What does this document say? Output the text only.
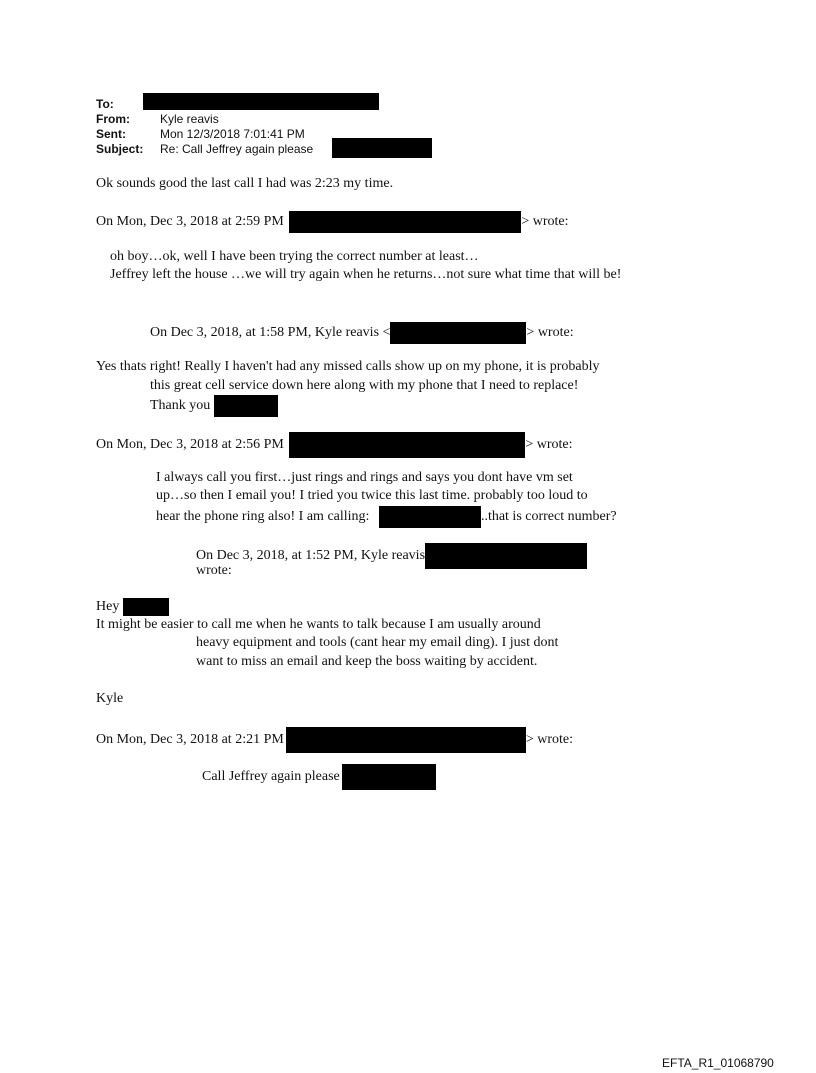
To:
From:	Kyle reavis
Sent:	Mon 12/3/2018 7:01:41 PM
Subject: Re: Call Jeffrey again please
Ok sounds good the last call I had was 2:23 my time.
On Mon, Dec 3, 2018 at 2:59 PM	> wrote:
oh boy…ok, well I have been trying the correct number at least…
Jeffrey left the house …we will try again when he returns…not sure what time that will be!
On Dec 3, 2018, at 1:58 PM, Kyle reavis <	> wrote:
Yes thats right! Really I haven't had any missed calls show up on my phone, it is probably
this great cell service down here along with my phone that I need to replace!
Thank you
On Mon, Dec 3, 2018 at 2:56 PM	> wrote:
I always call you first…just rings and rings and says you dont have vm set
up…so then I email you! I tried you twice this last time. probably too loud to
hear the phone ring also! I am calling:	..that is correct number?
On Dec 3, 2018, at 1:52 PM, Kyle reavis
wrote:
Hey
It might be easier to call me when he wants to talk because I am usually around
heavy equipment and tools (cant hear my email ding). I just dont
want to miss an email and keep the boss waiting by accident.
Kyle
On Mon, Dec 3, 2018 at 2:21 PM	> wrote:
Call Jeffrey again please
EFTA_R1_01068790
